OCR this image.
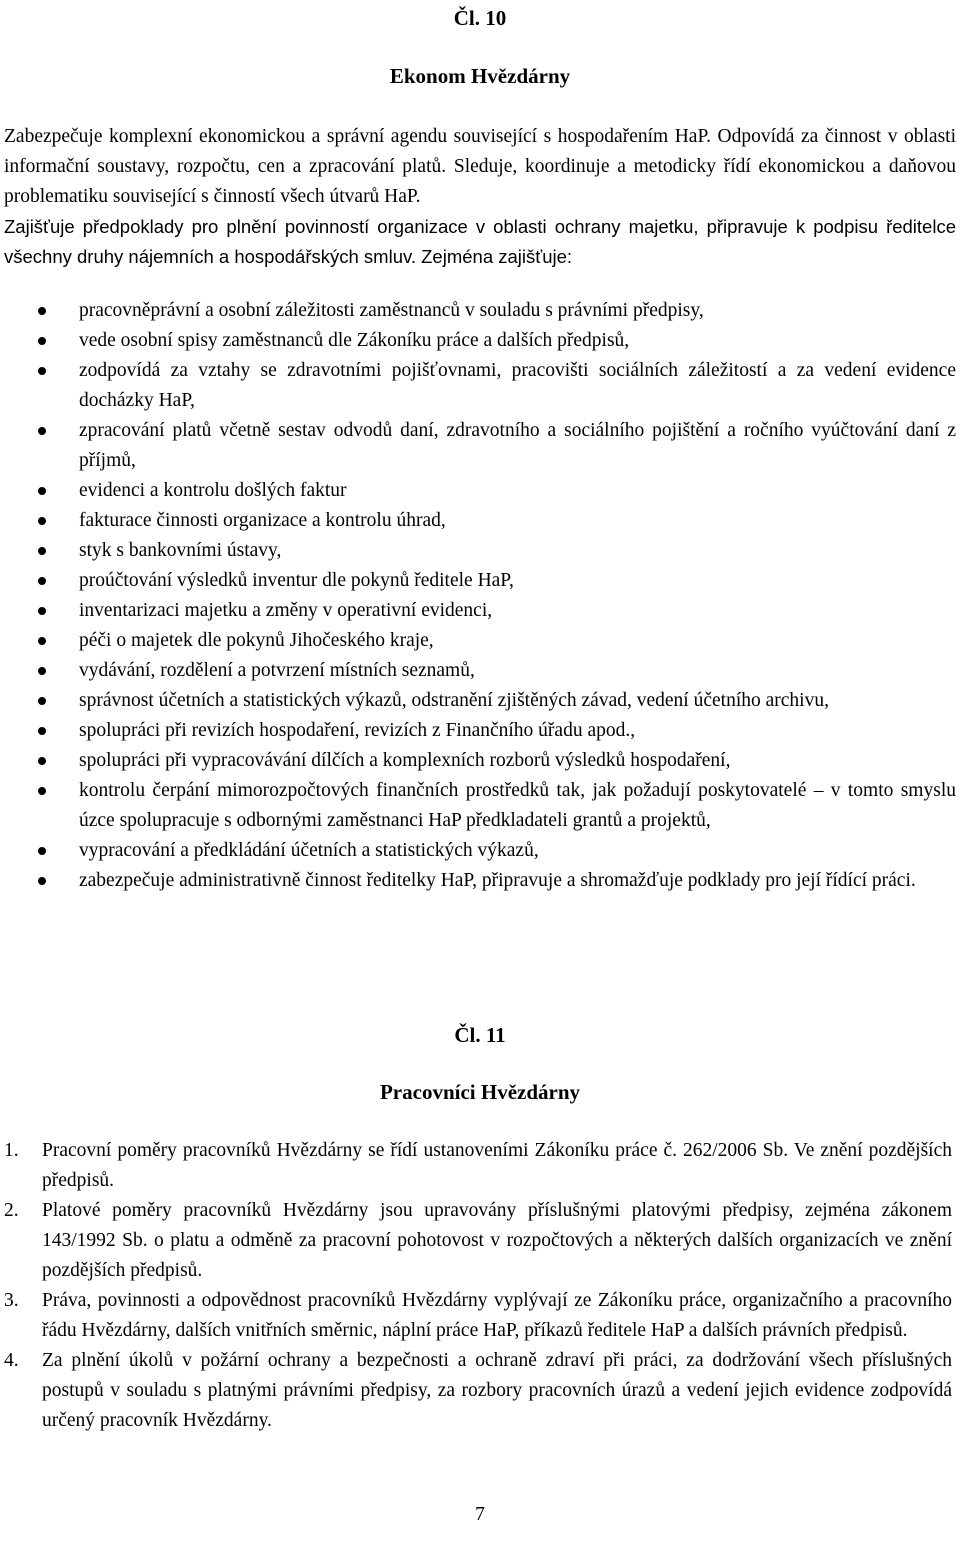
Čl. 10
Ekonom Hvězdárny
Zabezpečuje komplexní ekonomickou a správní agendu související s hospodařením HaP. Odpovídá za činnost v oblasti informační soustavy, rozpočtu, cen a zpracování platů. Sleduje, koordinuje a metodicky řídí ekonomickou a daňovou problematiku související s činností všech útvarů HaP.
Zajišťuje předpoklady pro plnění povinností organizace v oblasti ochrany majetku, připravuje k podpisu ředitelce všechny druhy nájemních a hospodářských smluv. Zejména zajišťuje:
pracovněprávní a osobní záležitosti zaměstnanců v souladu s právními předpisy,
vede osobní spisy zaměstnanců dle Zákoníku práce a dalších předpisů,
zodpovídá za vztahy se zdravotními pojišťovnami, pracovišti sociálních záležitostí a za vedení evidence docházky HaP,
zpracování platů včetně sestav odvodů daní, zdravotního a sociálního pojištění a ročního vyúčtování daní z příjmů,
evidenci a kontrolu došlých faktur
fakturace činnosti organizace a kontrolu úhrad,
styk s bankovními ústavy,
proúčtování výsledků inventur dle pokynů ředitele HaP,
inventarizaci majetku a změny v operativní evidenci,
péči o majetek dle pokynů Jihočeského kraje,
vydávání, rozdělení a potvrzení místních seznamů,
správnost účetních a statistických výkazů, odstranění zjištěných závad, vedení účetního archivu,
spolupráci při revizích hospodaření, revizích z Finančního úřadu apod.,
spolupráci při vypracovávání dílčích a komplexních rozborů výsledků hospodaření,
kontrolu čerpání mimorozpočtových finančních prostředků tak, jak požadují poskytovatelé – v tomto smyslu úzce spolupracuje s odbornými zaměstnanci HaP předkladateli grantů a projektů,
vypracování a předkládání účetních a statistických výkazů,
zabezpečuje administrativně činnost ředitelky HaP, připravuje a shromažďuje podklady pro její řídící práci.
Čl. 11
Pracovníci Hvězdárny
1. Pracovní poměry pracovníků Hvězdárny se řídí ustanoveními Zákoníku práce č. 262/2006 Sb. Ve znění pozdějších předpisů.
2. Platové poměry pracovníků Hvězdárny jsou upravovány příslušnými platovými předpisy, zejména zákonem 143/1992 Sb. o platu a odměně za pracovní pohotovost v rozpočtových a některých dalších organizacích ve znění pozdějších předpisů.
3. Práva, povinnosti a odpovědnost pracovníků Hvězdárny vyplývají ze Zákoníku práce, organizačního a pracovního řádu Hvězdárny, dalších vnitřních směrnic, náplní práce HaP, příkazů ředitele HaP a dalších právních předpisů.
4. Za plnění úkolů v požární ochrany a bezpečnosti a ochraně zdraví při práci, za dodržování všech příslušných postupů v souladu s platnými právními předpisy, za rozbory pracovních úrazů a vedení jejich evidence zodpovídá určený pracovník Hvězdárny.
7
